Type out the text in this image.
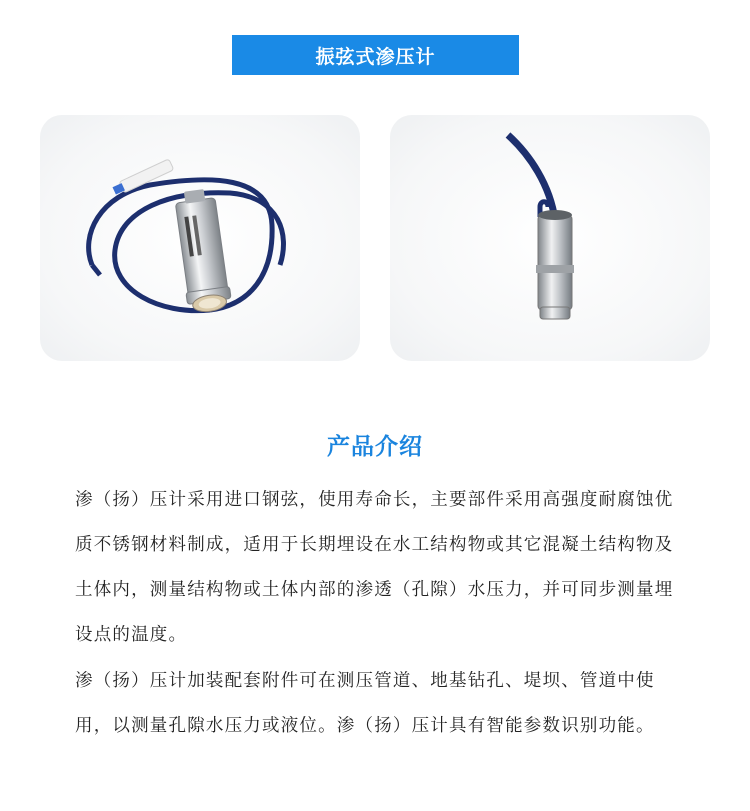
振弦式渗压计
产品介绍

渗（扬）压计采用进口钢弦，使用寿命长，主要部件采用高强度耐腐蚀优质不锈钢材料制成，适用于长期埋设在水工结构物或其它混凝土结构物及土体内，测量结构物或土体内部的渗透（孔隙）水压力，并可同步测量埋设点的温度。

渗（扬）压计加装配套附件可在测压管道、地基钻孔、堤坝、管道中使用，以测量孔隙水压力或液位。渗（扬）压计具有智能参数识别功能。
